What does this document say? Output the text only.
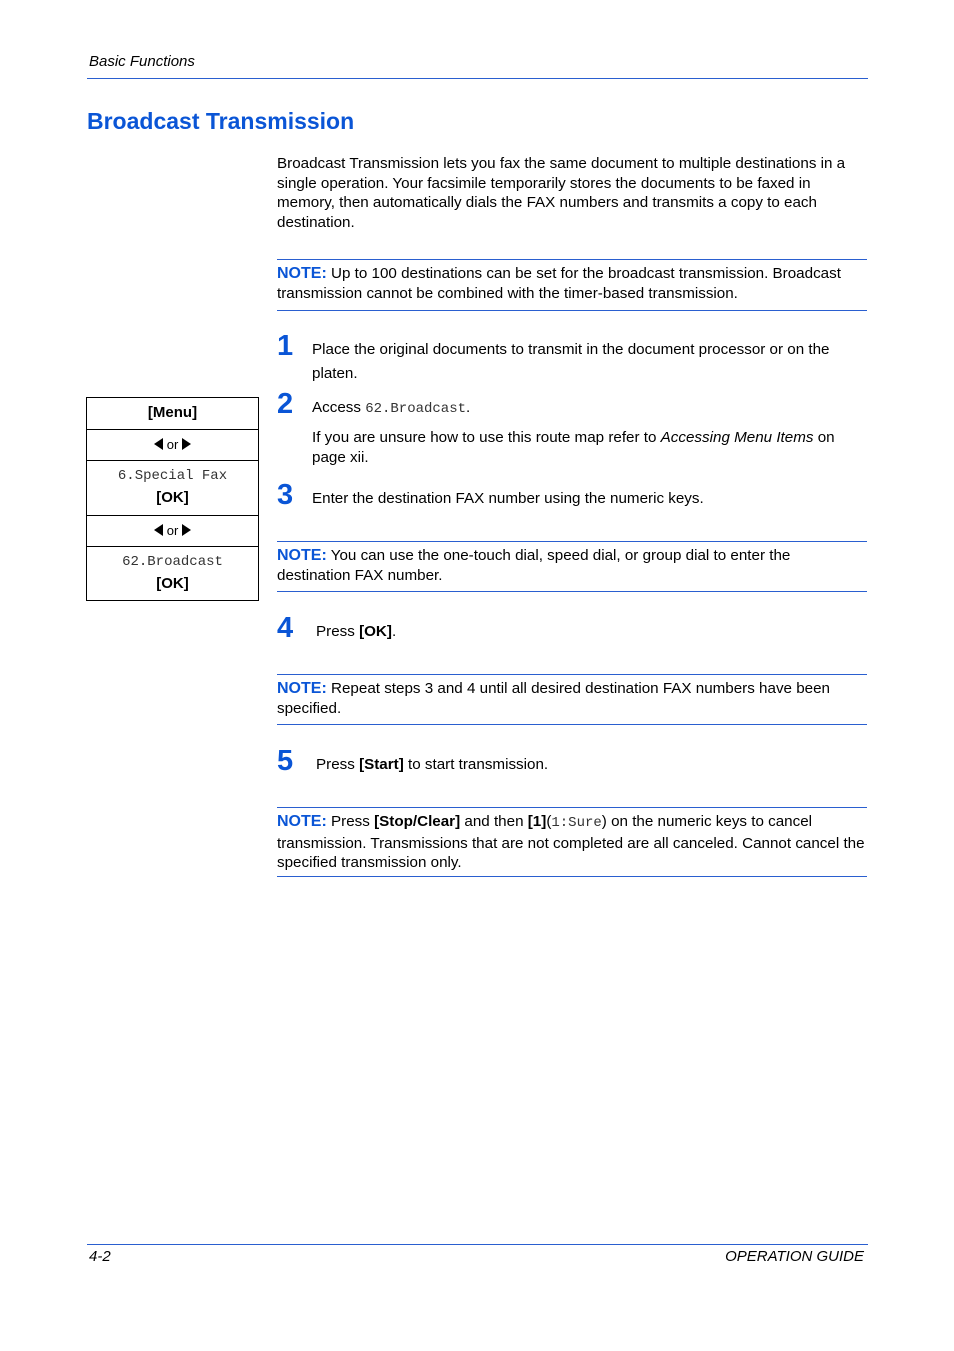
Basic Functions
Broadcast Transmission
Broadcast Transmission lets you fax the same document to multiple destinations in a single operation. Your facsimile temporarily stores the documents to be faxed in memory, then automatically dials the FAX numbers and transmits a copy to each destination.
NOTE: Up to 100 destinations can be set for the broadcast transmission. Broadcast transmission cannot be combined with the timer-based transmission.
1 Place the original documents to transmit in the document processor or on the platen.
2 Access 62.Broadcast.
If you are unsure how to use this route map refer to Accessing Menu Items on page xii.
3 Enter the destination FAX number using the numeric keys.
NOTE: You can use the one-touch dial, speed dial, or group dial to enter the destination FAX number.
4 Press [OK].
NOTE: Repeat steps 3 and 4 until all desired destination FAX numbers have been specified.
5 Press [Start] to start transmission.
NOTE: Press [Stop/Clear] and then [1](1:Sure) on the numeric keys to cancel transmission. Transmissions that are not completed are all canceled. Cannot cancel the specified transmission only.
[Menu]
or
6.Special Fax
[OK]
or
62.Broadcast
[OK]
4-2	OPERATION GUIDE
